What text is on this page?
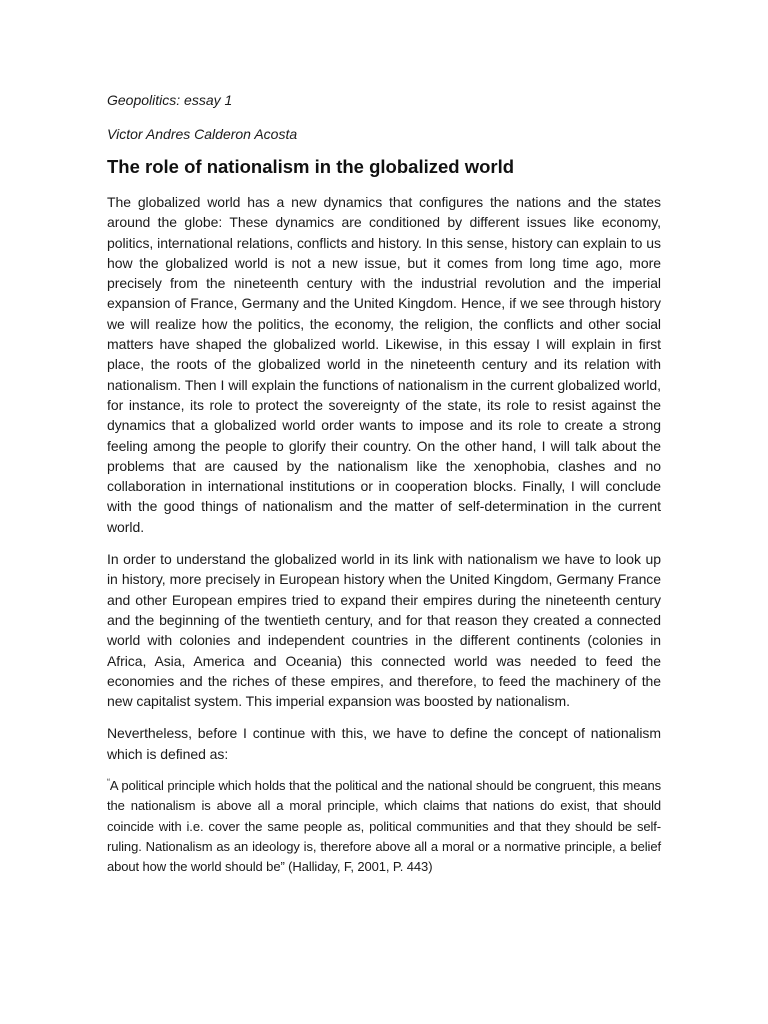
Geopolitics: essay 1

Victor Andres Calderon Acosta

The role of nationalism in the globalized world

The globalized world has a new dynamics that configures the nations and the states around the globe: These dynamics are conditioned by different issues like economy, politics, international relations, conflicts and history. In this sense, history can explain to us how the globalized world is not a new issue, but it comes from long time ago, more precisely from the nineteenth century with the industrial revolution and the imperial expansion of France, Germany and the United Kingdom. Hence, if we see through history we will realize how the politics, the economy, the religion, the conflicts and other social matters have shaped the globalized world. Likewise, in this essay I will explain in first place, the roots of the globalized world in the nineteenth century and its relation with nationalism. Then I will explain the functions of nationalism in the current globalized world, for instance, its role to protect the sovereignty of the state, its role to resist against the dynamics that a globalized world order wants to impose and its role to create a strong feeling among the people to glorify their country. On the other hand, I will talk about the problems that are caused by the nationalism like the xenophobia, clashes and no collaboration in international institutions or in cooperation blocks. Finally, I will conclude with the good things of nationalism and the matter of self-determination in the current world.

In order to understand the globalized world in its link with nationalism we have to look up in history, more precisely in European history when the United Kingdom, Germany France and other European empires tried to expand their empires during the nineteenth century and the beginning of the twentieth century, and for that reason they created a connected world with colonies and independent countries in the different continents (colonies in Africa, Asia, America and Oceania) this connected world was needed to feed the economies and the riches of these empires, and therefore, to feed the machinery of the new capitalist system. This imperial expansion was boosted by nationalism.

Nevertheless, before I continue with this, we have to define the concept of nationalism which is defined as:

“A political principle which holds that the political and the national should be congruent, this means the nationalism is above all a moral principle, which claims that nations do exist, that should coincide with i.e. cover the same people as, political communities and that they should be self-ruling. Nationalism as an ideology is, therefore above all a moral or a normative principle, a belief about how the world should be” (Halliday, F, 2001, P. 443)
